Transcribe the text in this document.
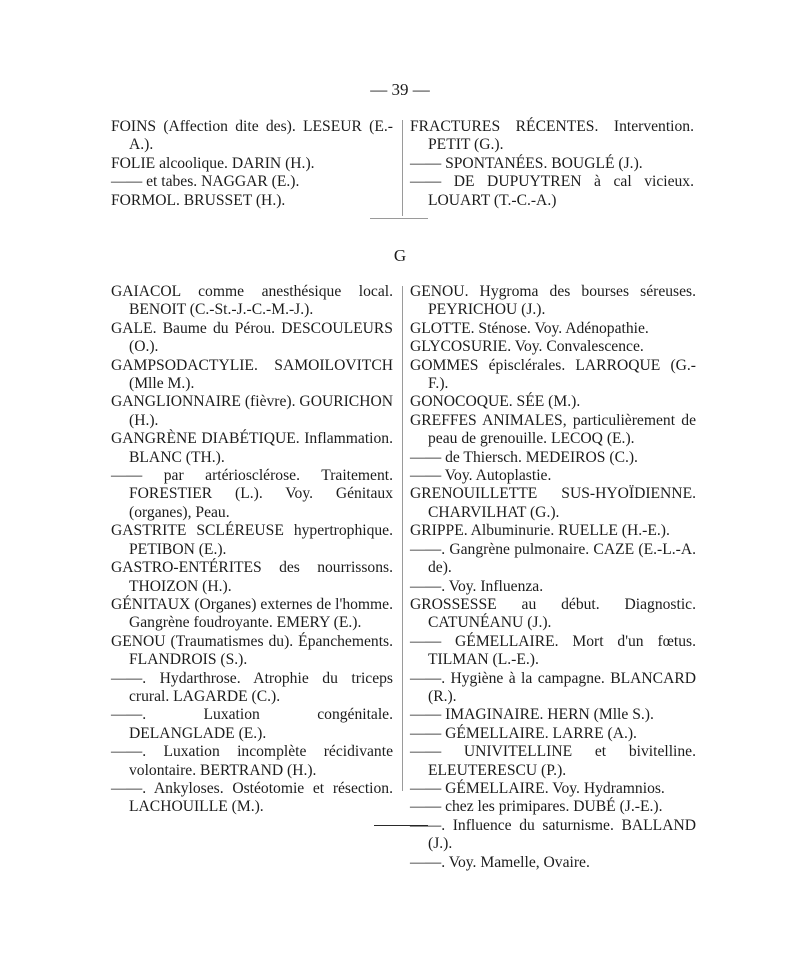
— 39 —

FOINS (Affection dite des). LESEUR (E.-A.).

FOLIE alcoolique. DARIN (H.).

—— et tabes. NAGGAR (E.).

FORMOL. BRUSSET (H.).

FRACTURES RÉCENTES. Intervention. PETIT (G.).

—— SPONTANÉES. BOUGLÉ (J.).

—— DE DUPUYTREN à cal vicieux. LOUART (T.-C.-A.)

G

GAIACOL comme anesthésique local. BENOIT (C.-St.-J.-C.-M.-J.).

GALE. Baume du Pérou. DESCOULEURS (O.).

GAMPSODACTYLIE. SAMOILOVITCH (Mlle M.).

GANGLIONNAIRE (fièvre). GOURICHON (H.).

GANGRÈNE DIABÉTIQUE. Inflammation. BLANC (TH.).

—— par artériosclérose. Traitement. FORESTIER (L.). Voy. Génitaux (organes), Peau.

GASTRITE SCLÉREUSE hypertrophique. PETIBON (E.).

GASTRO-ENTÉRITES des nourrissons. THOIZON (H.).

GÉNITAUX (Organes) externes de l'homme. Gangrène foudroyante. EMERY (E.).

GENOU (Traumatismes du). Épanchements. FLANDROIS (S.).

——. Hydarthrose. Atrophie du triceps crural. LAGARDE (C.).

——. Luxation congénitale. DELANGLADE (E.).

——. Luxation incomplète récidivante volontaire. BERTRAND (H.).

——. Ankyloses. Ostéotomie et résection. LACHOUILLE (M.).

GENOU. Hygroma des bourses séreuses. PEYRICHOU (J.).

GLOTTE. Sténose. Voy. Adénopathie.

GLYCOSURIE. Voy. Convalescence.

GOMMES épisclérales. LARROQUE (G.-F.).

GONOCOQUE. SÉE (M.).

GREFFES ANIMALES, particulièrement de peau de grenouille. LECOQ (E.).

—— de Thiersch. MEDEIROS (C.).

—— Voy. Autoplastie.

GRENOUILLETTE SUS-HYOÏDIENNE. CHARVILHAT (G.).

GRIPPE. Albuminurie. RUELLE (H.-E.).

——. Gangrène pulmonaire. CAZE (E.-L.-A. de).

——. Voy. Influenza.

GROSSESSE au début. Diagnostic. CATUNÉANU (J.).

—— GÉMELLAIRE. Mort d'un fœtus. TILMAN (L.-E.).

——. Hygiène à la campagne. BLANCARD (R.).

—— IMAGINAIRE. HERN (Mlle S.).

—— GÉMELLAIRE. LARRE (A.).

—— UNIVITELLINE et bivitelline. ELEUTERESCU (P.).

—— GÉMELLAIRE. Voy. Hydramnios.

—— chez les primipares. DUBÉ (J.-E.).

——. Influence du saturnisme. BALLAND (J.).

——. Voy. Mamelle, Ovaire.
